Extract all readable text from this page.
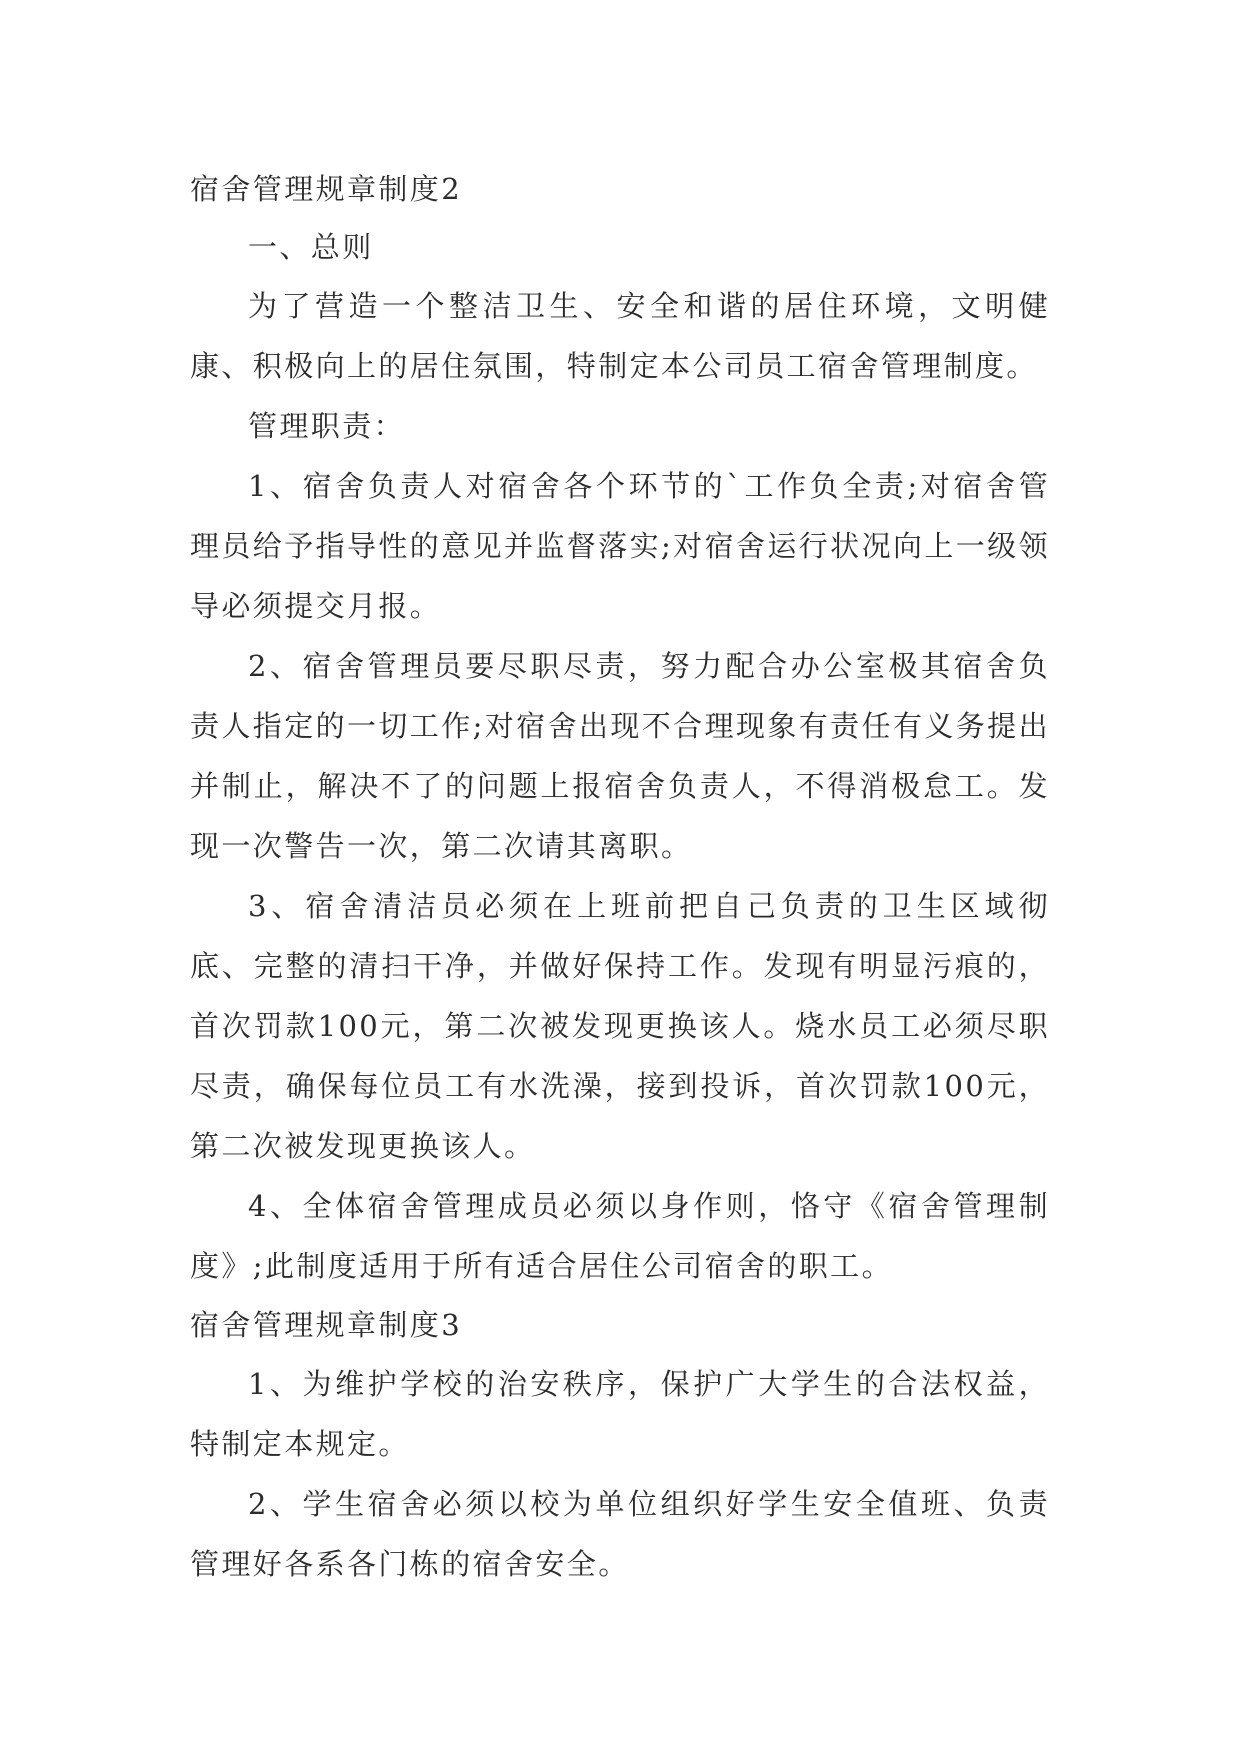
宿舍管理规章制度2

一、总则

为了营造一个整洁卫生、安全和谐的居住环境，文明健康、积极向上的居住氛围，特制定本公司员工宿舍管理制度。

管理职责：

1、宿舍负责人对宿舍各个环节的`工作负全责;对宿舍管理员给予指导性的意见并监督落实;对宿舍运行状况向上一级领导必须提交月报。

2、宿舍管理员要尽职尽责，努力配合办公室极其宿舍负责人指定的一切工作;对宿舍出现不合理现象有责任有义务提出并制止，解决不了的问题上报宿舍负责人，不得消极怠工。发现一次警告一次，第二次请其离职。

3、宿舍清洁员必须在上班前把自己负责的卫生区域彻底、完整的清扫干净，并做好保持工作。发现有明显污痕的，首次罚款100元，第二次被发现更换该人。烧水员工必须尽职尽责，确保每位员工有水洗澡，接到投诉，首次罚款100元，第二次被发现更换该人。

4、全体宿舍管理成员必须以身作则，恪守《宿舍管理制度》;此制度适用于所有适合居住公司宿舍的职工。

宿舍管理规章制度3

1、为维护学校的治安秩序，保护广大学生的合法权益，特制定本规定。

2、学生宿舍必须以校为单位组织好学生安全值班、负责管理好各系各门栋的宿舍安全。
